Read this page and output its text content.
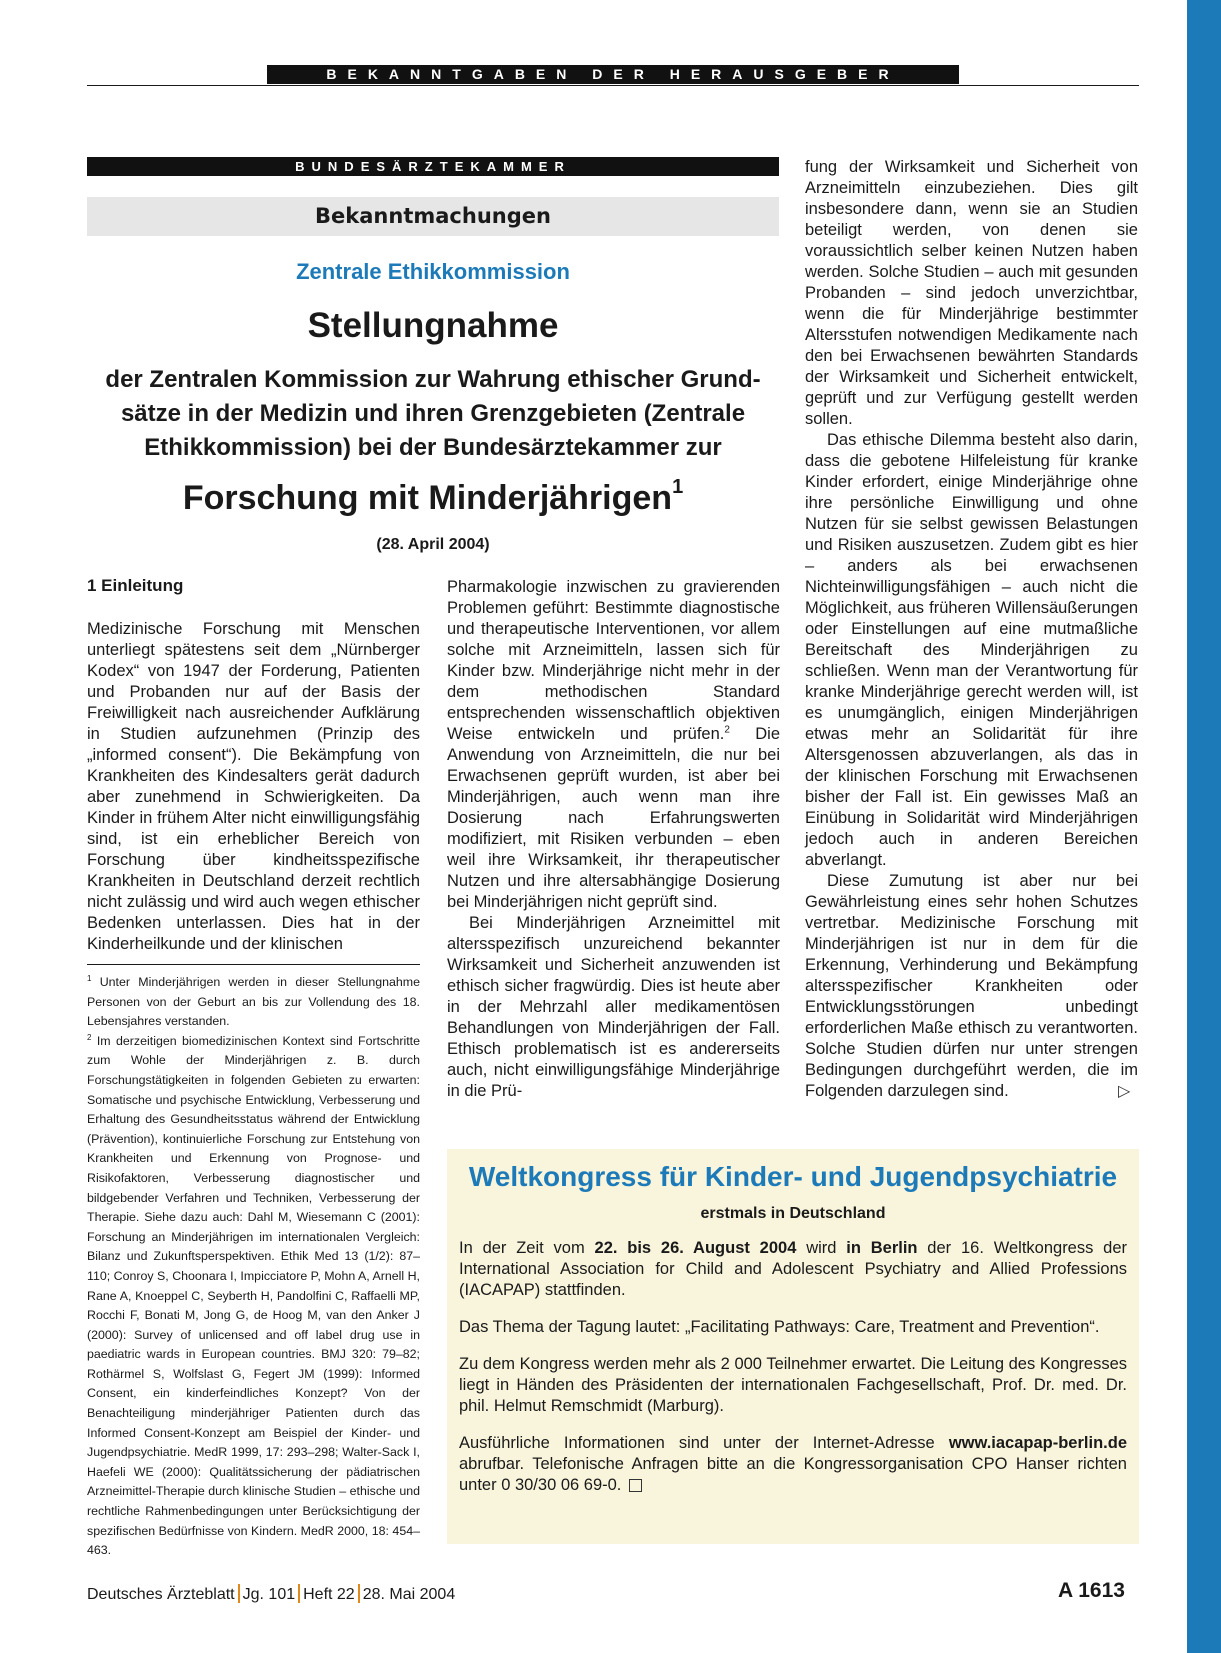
BEKANNTGABEN DER HERAUSGEBER
BUNDESÄRZTEKAMMER
Bekanntmachungen
Zentrale Ethikkommission
Stellungnahme
der Zentralen Kommission zur Wahrung ethischer Grund-
sätze in der Medizin und ihren Grenzgebieten (Zentrale
Ethikkommission) bei der Bundesärztekammer zur
Forschung mit Minderjährigen$^1$
(28. April 2004)
1 Einleitung

Medizinische Forschung mit Menschen unterliegt spätestens seit dem „Nürnberger Kodex“ von 1947 der Forderung, Patienten und Probanden nur auf der Basis der Freiwilligkeit nach ausreichender Aufklärung in Studien aufzunehmen (Prinzip des „informed consent“). Die Bekämpfung von Krankheiten des Kindesalters gerät dadurch aber zunehmend in Schwierigkeiten. Da Kinder in frühem Alter nicht einwilligungsfähig sind, ist ein erheblicher Bereich von Forschung über kindheitsspezifische Krankheiten in Deutschland derzeit rechtlich nicht zulässig und wird auch wegen ethischer Bedenken unterlassen. Dies hat in der Kinderheilkunde und der klinischen

$^1$ Unter Minderjährigen werden in dieser Stellungnahme Personen von der Geburt an bis zur Vollendung des 18. Lebensjahres verstanden.

$^2$ Im derzeitigen biomedizinischen Kontext sind Fortschritte zum Wohle der Minderjährigen z. B. durch Forschungstätigkeiten in folgenden Gebieten zu erwarten: Somatische und psychische Entwicklung, Verbesserung und Erhaltung des Gesundheitsstatus während der Entwicklung (Prävention), kontinuierliche Forschung zur Entstehung von Krankheiten und Erkennung von Prognose- und Risikofaktoren, Verbesserung diagnostischer und bildgebender Verfahren und Techniken, Verbesserung der Therapie. Siehe dazu auch: Dahl M, Wiesemann C (2001): Forschung an Minderjährigen im internationalen Vergleich: Bilanz und Zukunftsperspektiven. Ethik Med 13 (1/2): 87–110; Conroy S, Choonara I, Impicciatore P, Mohn A, Arnell H, Rane A, Knoeppel C, Seyberth H, Pandolfini C, Raffaelli MP, Rocchi F, Bonati M, Jong G, de Hoog M, van den Anker J (2000): Survey of unlicensed and off label drug use in paediatric wards in European countries. BMJ 320: 79–82; Rothärmel S, Wolfslast G, Fegert JM (1999): Informed Consent, ein kinderfeindliches Konzept? Von der Benachteiligung minderjähriger Patienten durch das Informed Consent-Konzept am Beispiel der Kinder- und Jugendpsychiatrie. MedR 1999, 17: 293–298; Walter-Sack I, Haefeli WE (2000): Qualitätssicherung der pädiatrischen Arzneimittel-Therapie durch klinische Studien – ethische und rechtliche Rahmenbedingungen unter Berücksichtigung der spezifischen Bedürfnisse von Kindern. MedR 2000, 18: 454–463.

Pharmakologie inzwischen zu gravierenden Problemen geführt: Bestimmte diagnostische und therapeutische Interventionen, vor allem solche mit Arzneimitteln, lassen sich für Kinder bzw. Minderjährige nicht mehr in der dem methodischen Standard entsprechenden wissenschaftlich objektiven Weise entwickeln und prüfen.$^2$ Die Anwendung von Arzneimitteln, die nur bei Erwachsenen geprüft wurden, ist aber bei Minderjährigen, auch wenn man ihre Dosierung nach Erfahrungswerten modifiziert, mit Risiken verbunden – eben weil ihre Wirksamkeit, ihr therapeutischer Nutzen und ihre altersabhängige Dosierung bei Minderjährigen nicht geprüft sind.

Bei Minderjährigen Arzneimittel mit altersspezifisch unzureichend bekannter Wirksamkeit und Sicherheit anzuwenden ist ethisch sicher fragwürdig. Dies ist heute aber in der Mehrzahl aller medikamentösen Behandlungen von Minderjährigen der Fall. Ethisch problematisch ist es andererseits auch, nicht einwilligungsfähige Minderjährige in die Prü-

fung der Wirksamkeit und Sicherheit von Arzneimitteln einzubeziehen. Dies gilt insbesondere dann, wenn sie an Studien beteiligt werden, von denen sie voraussichtlich selber keinen Nutzen haben werden. Solche Studien – auch mit gesunden Probanden – sind jedoch unverzichtbar, wenn die für Minderjährige bestimmter Altersstufen notwendigen Medikamente nach den bei Erwachsenen bewährten Standards der Wirksamkeit und Sicherheit entwickelt, geprüft und zur Verfügung gestellt werden sollen.

Das ethische Dilemma besteht also darin, dass die gebotene Hilfeleistung für kranke Kinder erfordert, einige Minderjährige ohne ihre persönliche Einwilligung und ohne Nutzen für sie selbst gewissen Belastungen und Risiken auszusetzen. Zudem gibt es hier – anders als bei erwachsenen Nichteinwilligungsfähigen – auch nicht die Möglichkeit, aus früheren Willensäußerungen oder Einstellungen auf eine mutmaßliche Bereitschaft des Minderjährigen zu schließen. Wenn man der Verantwortung für kranke Minderjährige gerecht werden will, ist es unumgänglich, einigen Minderjährigen etwas mehr an Solidarität für ihre Altersgenossen abzuverlangen, als das in der klinischen Forschung mit Erwachsenen bisher der Fall ist. Ein gewisses Maß an Einübung in Solidarität wird Minderjährigen jedoch auch in anderen Bereichen abverlangt.

Diese Zumutung ist aber nur bei Gewährleistung eines sehr hohen Schutzes vertretbar. Medizinische Forschung mit Minderjährigen ist nur in dem für die Erkennung, Verhinderung und Bekämpfung altersspezifischer Krankheiten oder Entwicklungsstörungen unbedingt erforderlichen Maße ethisch zu verantworten. Solche Studien dürfen nur unter strengen Bedingungen durchgeführt werden, die im Folgenden darzulegen sind.	▷
Weltkongress für Kinder- und Jugendpsychiatrie
erstmals in Deutschland

In der Zeit vom 22. bis 26. August 2004 wird in Berlin der 16. Weltkongress der International Association for Child and Adolescent Psychiatry and Allied Professions (IACAPAP) stattfinden.

Das Thema der Tagung lautet: „Facilitating Pathways: Care, Treatment and Prevention“.

Zu dem Kongress werden mehr als 2 000 Teilnehmer erwartet. Die Leitung des Kongresses liegt in Händen des Präsidenten der internationalen Fachgesellschaft, Prof. Dr. med. Dr. phil. Helmut Remschmidt (Marburg).

Ausführliche Informationen sind unter der Internet-Adresse www.iacapap-berlin.de abrufbar. Telefonische Anfragen bitte an die Kongressorganisation CPO Hanser richten unter 0 30/30 06 69-0.

Deutsches Ärzteblatt Jg. 101 Heft 22 28. Mai 2004	A 1613
